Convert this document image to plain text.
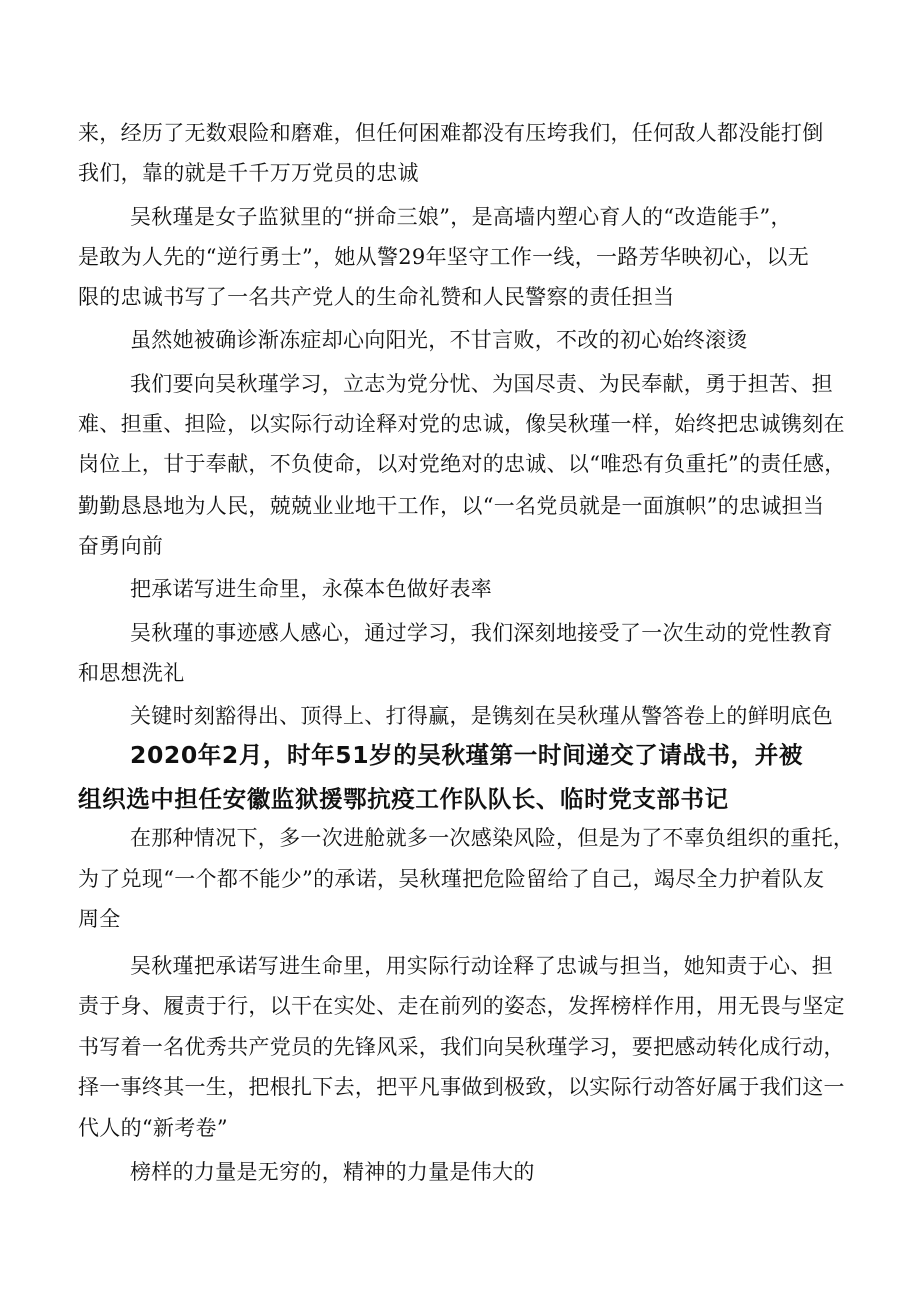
来，经历了无数艰险和磨难，但任何困难都没有压垮我们，任何敌人都没能打倒
我们，靠的就是千千万万党员的忠诚
吴秋瑾是女子监狱里的“拼命三娘”，是高墙内塑心育人的“改造能手”，
是敢为人先的“逆行勇士”，她从警29年坚守工作一线，一路芳华映初心，以无
限的忠诚书写了一名共产党人的生命礼赞和人民警察的责任担当
虽然她被确诊渐冻症却心向阳光，不甘言败，不改的初心始终滚烫
我们要向吴秋瑾学习，立志为党分忧、为国尽责、为民奉献，勇于担苦、担
难、担重、担险，以实际行动诠释对党的忠诚，像吴秋瑾一样，始终把忠诚镌刻在
岗位上，甘于奉献，不负使命，以对党绝对的忠诚、以“唯恐有负重托”的责任感，
勤勤恳恳地为人民，兢兢业业地干工作，以“一名党员就是一面旗帜”的忠诚担当
奋勇向前
把承诺写进生命里，永葆本色做好表率
吴秋瑾的事迹感人感心，通过学习，我们深刻地接受了一次生动的党性教育
和思想洗礼
关键时刻豁得出、顶得上、打得赢，是镌刻在吴秋瑾从警答卷上的鲜明底色
2020年2月，时年51岁的吴秋瑾第一时间递交了请战书，并被
组织选中担任安徽监狱援鄂抗疫工作队队长、临时党支部书记
在那种情况下，多一次进舱就多一次感染风险，但是为了不辜负组织的重托，
为了兑现“一个都不能少”的承诺，吴秋瑾把危险留给了自己，竭尽全力护着队友
周全
吴秋瑾把承诺写进生命里，用实际行动诠释了忠诚与担当，她知责于心、担
责于身、履责于行，以干在实处、走在前列的姿态，发挥榜样作用，用无畏与坚定
书写着一名优秀共产党员的先锋风采，我们向吴秋瑾学习，要把感动转化成行动，
择一事终其一生，把根扎下去，把平凡事做到极致，以实际行动答好属于我们这一
代人的“新考卷”
榜样的力量是无穷的，精神的力量是伟大的
